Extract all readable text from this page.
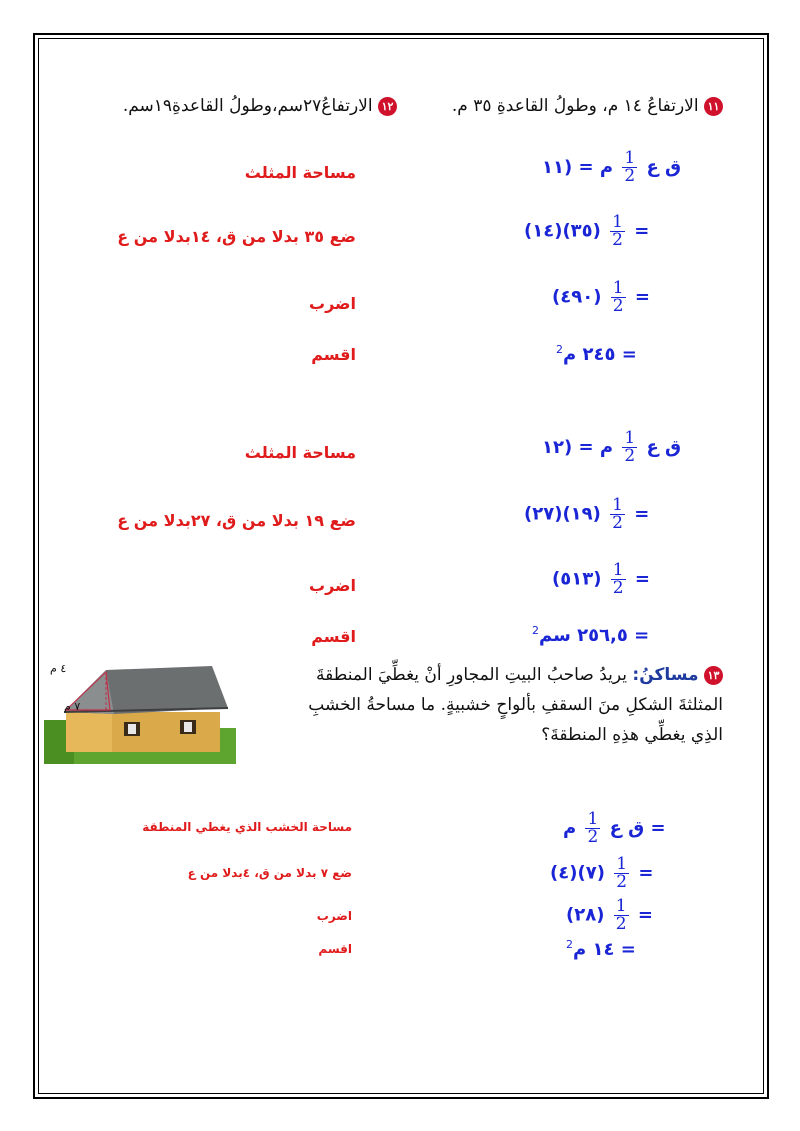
١١ الارتفاعُ ١٤ م، وطولُ القاعدةِ ٣٥ م.
١٢ الارتفاعُ٢٧سم،وطولُ القاعدةِ١٩سم.
ق ع
$\frac{1}{2}$
م = (١١
مساحة المثلث
(١٤)(٣٥) $\frac{1}{2}$ =
ضع ٣٥ بدلا من ق، ١٤بدلا من ع
(٤٩٠) $\frac{1}{2}$ =
اضرب
$^2$٢٤٥ م =
اقسم
ق ع
$\frac{1}{2}$
م = (١٢
مساحة المثلث
(٢٧)(١٩) $\frac{1}{2}$ =
ضع ١٩ بدلا من ق، ٢٧بدلا من ع
(٥١٣) $\frac{1}{2}$ =
اضرب
$^2$٢٥٦,٥ سم =
اقسم
١٣ مساكنُ: يريدُ صاحبُ البيتِ المجاورِ أنْ يغطِّيَ المنطقةَ
المثلثةَ الشكلِ منَ السقفِ بألواحٍ خشبيةٍ. ما مساحةُ الخشبِ
الذِي يغطِّي هذِهِ المنطقةَ؟
٤ م
٧ م
ق ع
$\frac{1}{2}$
م =
مساحة الخشب الذي يغطي المنطقة
(٤)(٧) $\frac{1}{2}$ =
ضع ٧ بدلا من ق، ٤بدلا من ع
(٢٨) $\frac{1}{2}$ =
اضرب
$^2$١٤ م =
اقسم
